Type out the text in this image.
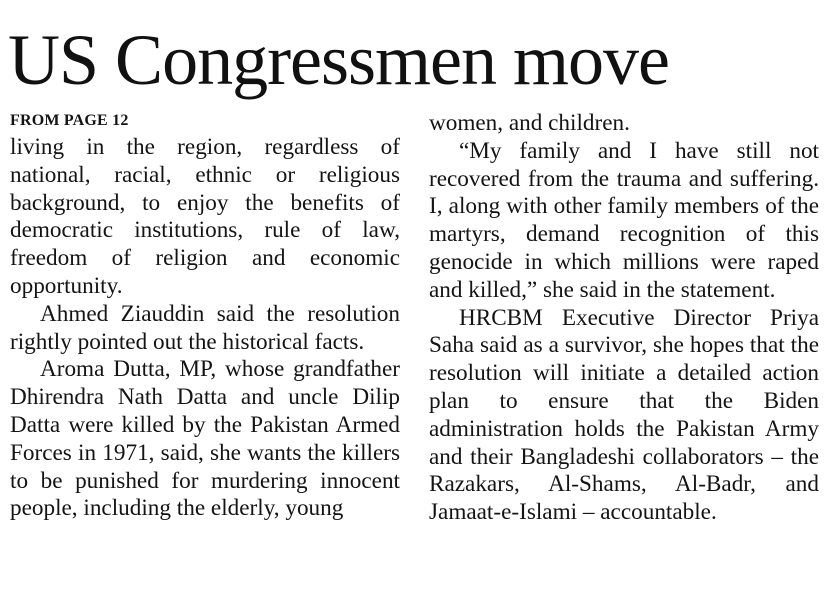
US Congressmen move
FROM PAGE 12

living in the region, regardless of national, racial, ethnic or religious background, to enjoy the benefits of democratic institutions, rule of law, freedom of religion and economic opportunity.

Ahmed Ziauddin said the resolution rightly pointed out the historical facts.

Aroma Dutta, MP, whose grandfather Dhirendra Nath Datta and uncle Dilip Datta were killed by the Pakistan Armed Forces in 1971, said, she wants the killers to be punished for murdering innocent people, including the elderly, young

women, and children.

“My family and I have still not recovered from the trauma and suffering. I, along with other family members of the martyrs, demand recognition of this genocide in which millions were raped and killed,” she said in the statement.

HRCBM Executive Director Priya Saha said as a survivor, she hopes that the resolution will initiate a detailed action plan to ensure that the Biden administration holds the Pakistan Army and their Bangladeshi collaborators – the Razakars, Al-Shams, Al-Badr, and Jamaat-e-Islami – accountable.
